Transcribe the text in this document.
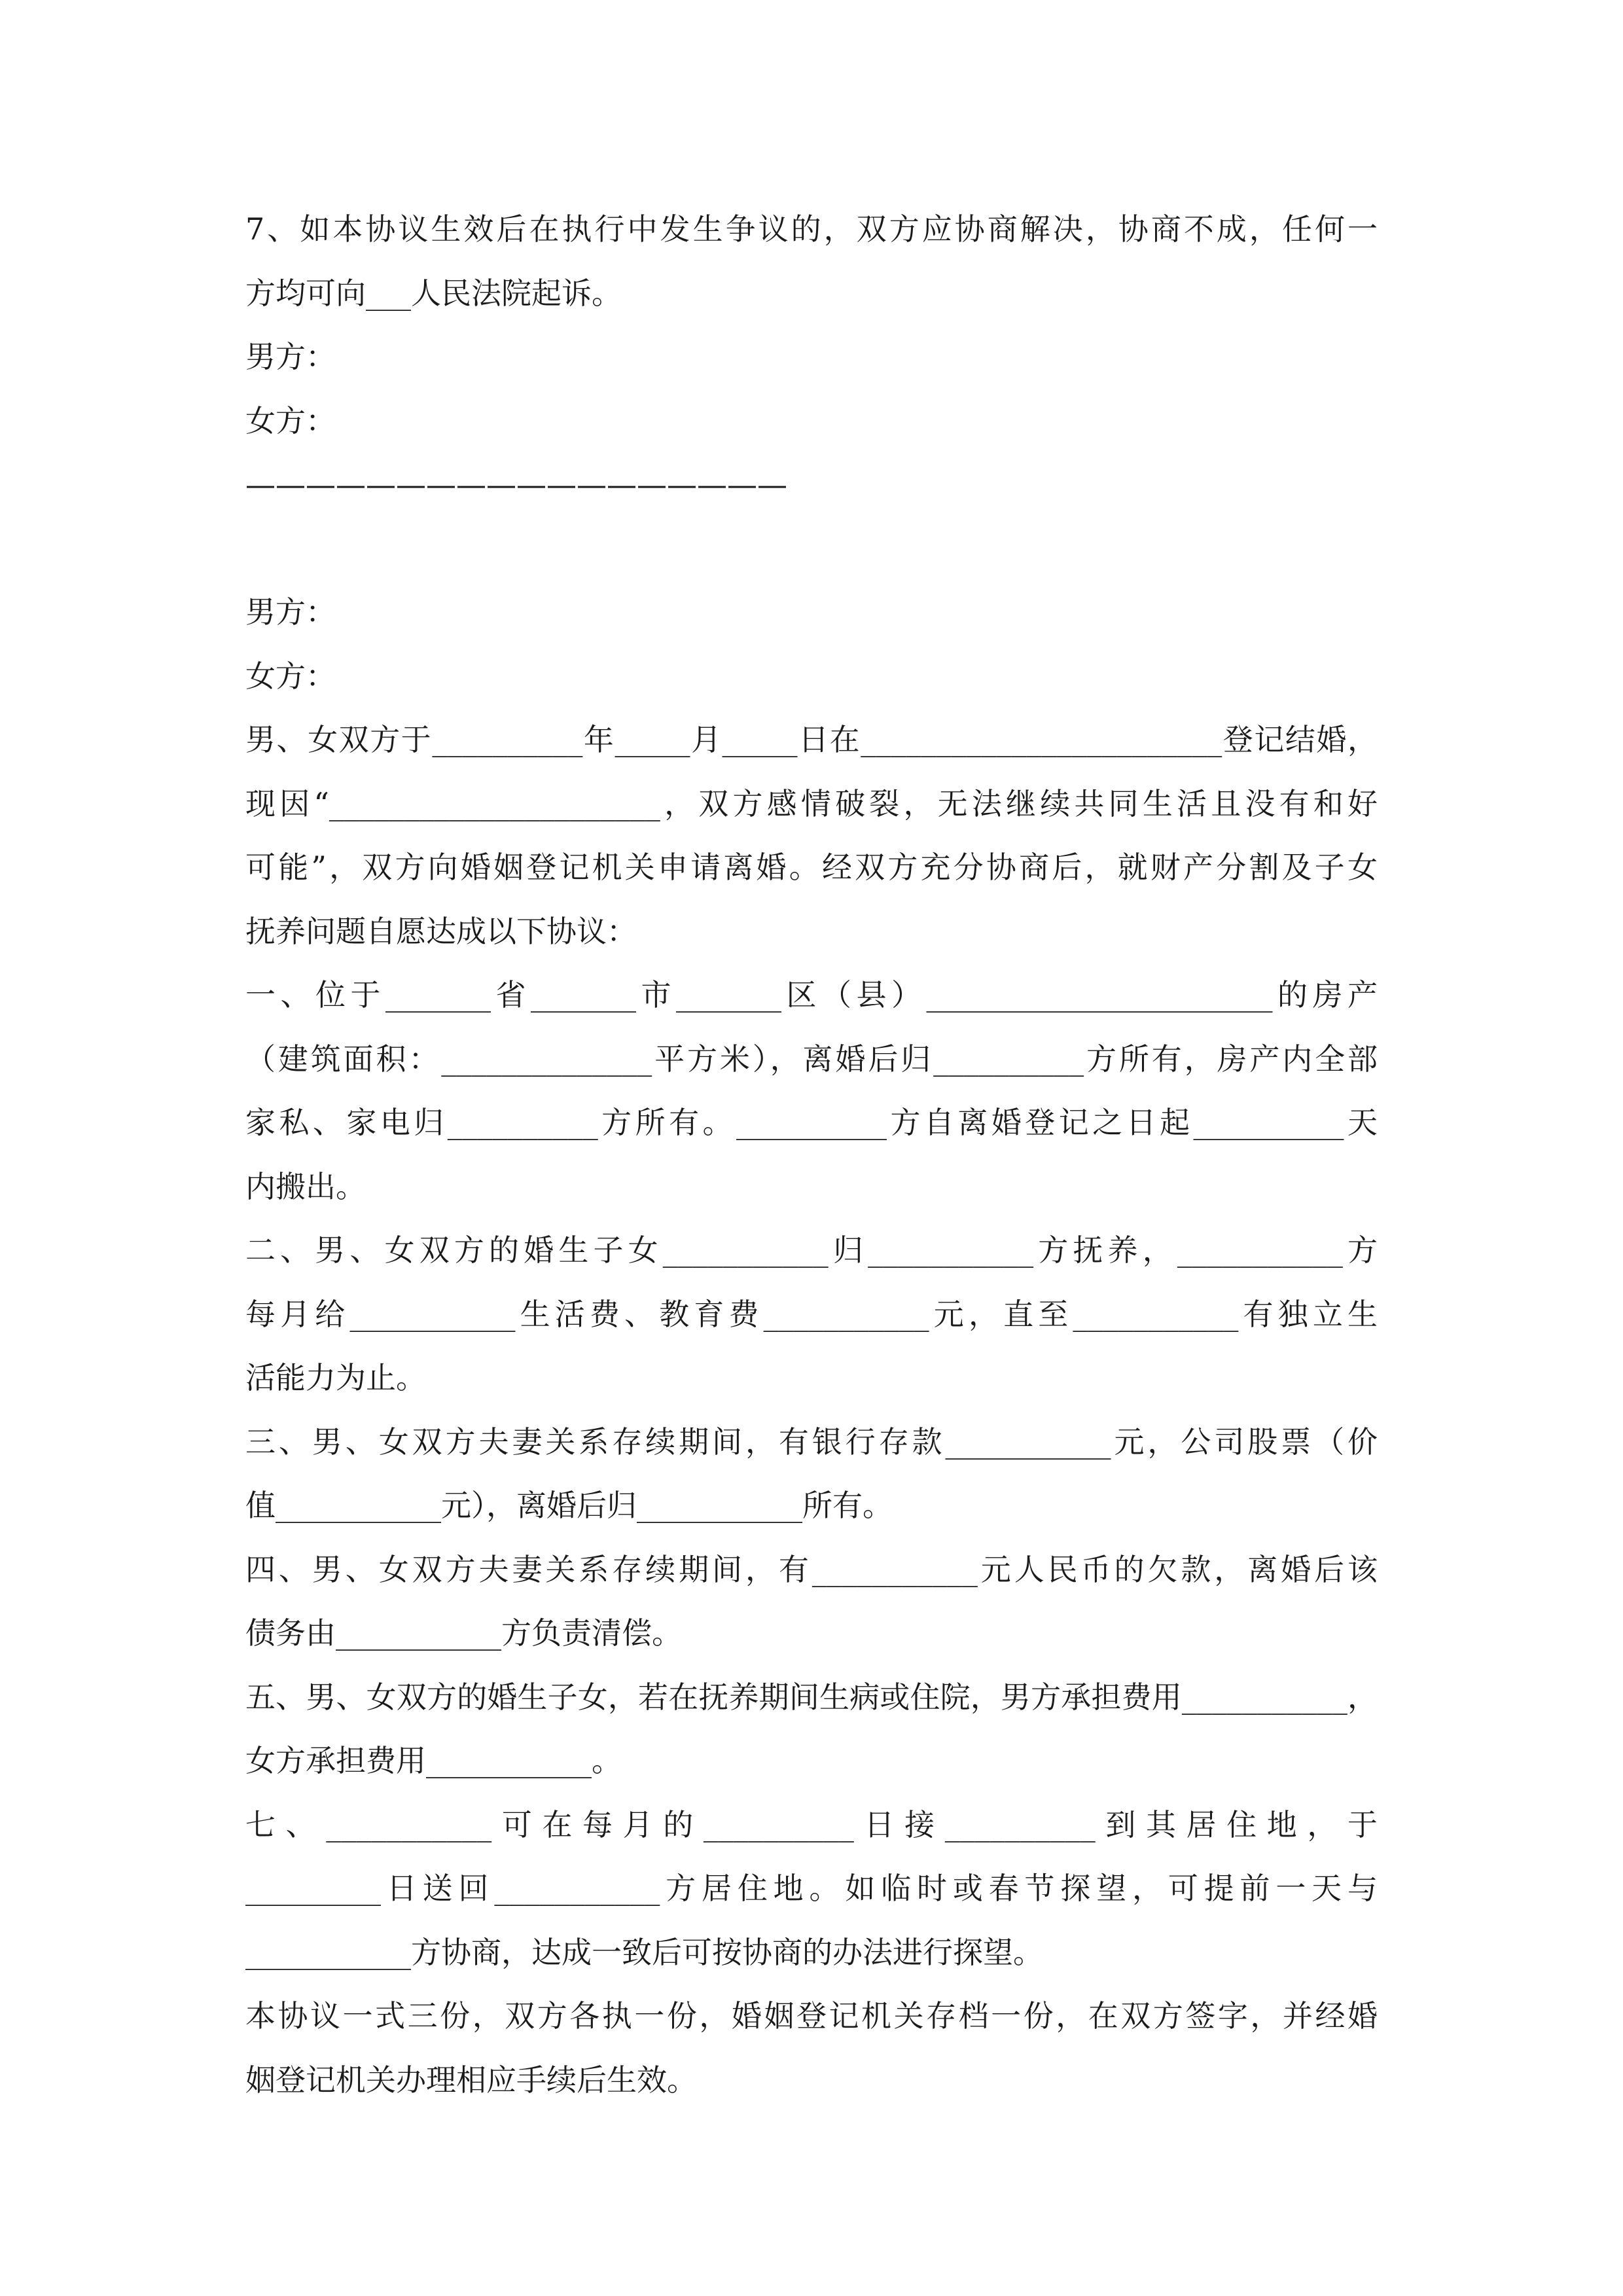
7、如本协议生效后在执行中发生争议的，双方应协商解决，协商不成，任何一
方均可向___人民法院起诉。
男方：
女方：
——————————————————
男方：
女方：
男、女双方于__________年_____月_____日在________________________登记结婚，
现因“______________________，双方感情破裂，无法继续共同生活且没有和好
可能”，双方向婚姻登记机关申请离婚。经双方充分协商后，就财产分割及子女
抚养问题自愿达成以下协议：
一、位于_______省_______市_______区（县）_______________________的房产
（建筑面积：______________平方米），离婚后归__________方所有，房产内全部
家私、家电归__________方所有。__________方自离婚登记之日起__________天
内搬出。
二、男、女双方的婚生子女___________归___________方抚养，___________方
每月给___________生活费、教育费___________元，直至___________有独立生
活能力为止。
三、男、女双方夫妻关系存续期间，有银行存款___________元，公司股票（价
值___________元），离婚后归___________所有。
四、男、女双方夫妻关系存续期间，有___________元人民币的欠款，离婚后该
债务由___________方负责清偿。
五、男、女双方的婚生子女，若在抚养期间生病或住院，男方承担费用___________，
女方承担费用___________。
七、___________可在每月的__________日接__________到其居住地，于
_________日送回___________方居住地。如临时或春节探望，可提前一天与
___________方协商，达成一致后可按协商的办法进行探望。
本协议一式三份，双方各执一份，婚姻登记机关存档一份，在双方签字，并经婚
姻登记机关办理相应手续后生效。
